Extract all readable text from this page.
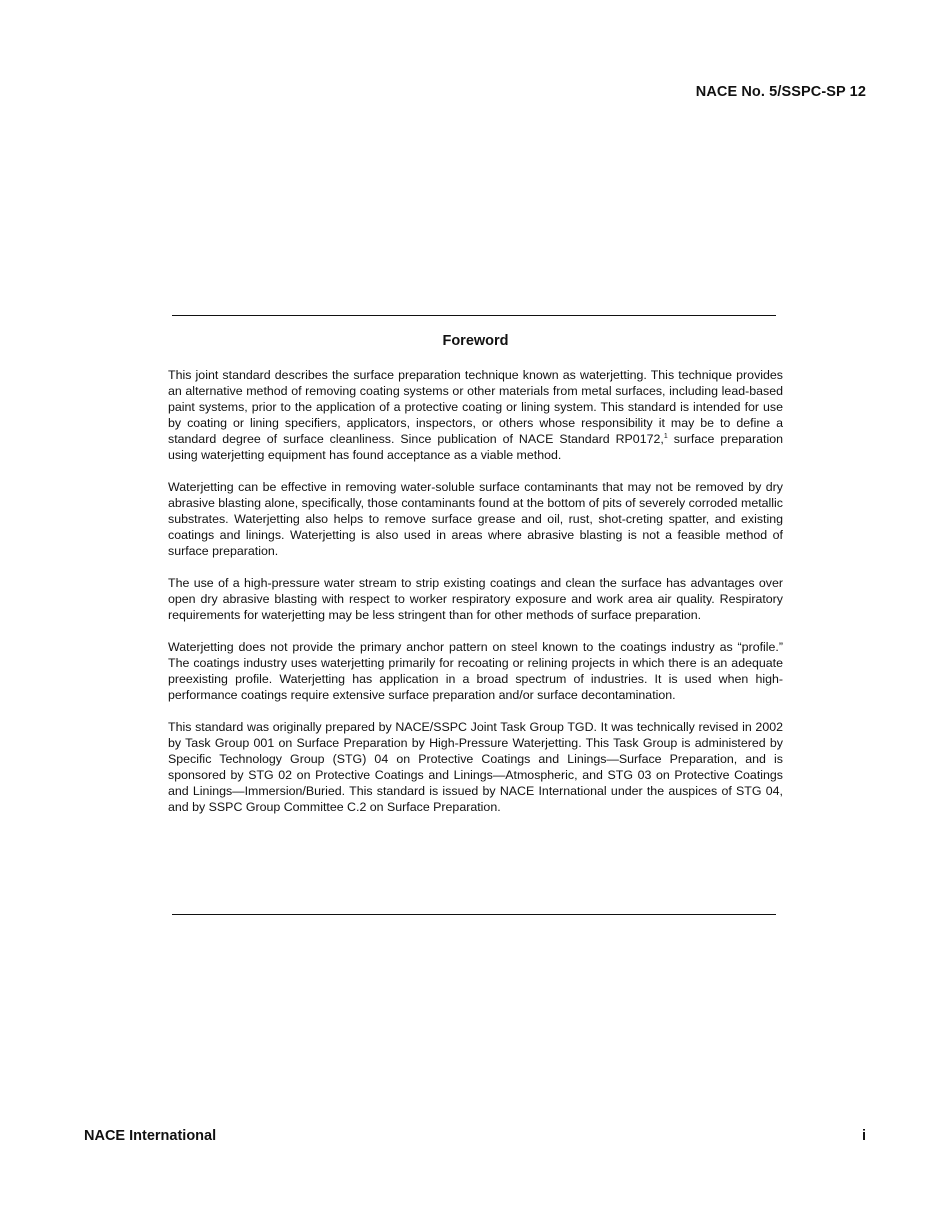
NACE No. 5/SSPC-SP 12
Foreword

This joint standard describes the surface preparation technique known as waterjetting. This technique provides an alternative method of removing coating systems or other materials from metal surfaces, including lead-based paint systems, prior to the application of a protective coating or lining system. This standard is intended for use by coating or lining specifiers, applicators, inspectors, or others whose responsibility it may be to define a standard degree of surface cleanliness. Since publication of NACE Standard RP0172,$^1$ surface preparation using waterjetting equipment has found acceptance as a viable method.

Waterjetting can be effective in removing water-soluble surface contaminants that may not be removed by dry abrasive blasting alone, specifically, those contaminants found at the bottom of pits of severely corroded metallic substrates. Waterjetting also helps to remove surface grease and oil, rust, shot-creting spatter, and existing coatings and linings. Waterjetting is also used in areas where abrasive blasting is not a feasible method of surface preparation.

The use of a high-pressure water stream to strip existing coatings and clean the surface has advantages over open dry abrasive blasting with respect to worker respiratory exposure and work area air quality. Respiratory requirements for waterjetting may be less stringent than for other methods of surface preparation.

Waterjetting does not provide the primary anchor pattern on steel known to the coatings industry as “profile.” The coatings industry uses waterjetting primarily for recoating or relining projects in which there is an adequate preexisting profile. Waterjetting has application in a broad spectrum of industries. It is used when high-performance coatings require extensive surface preparation and/or surface decontamination.

This standard was originally prepared by NACE/SSPC Joint Task Group TGD. It was technically revised in 2002 by Task Group 001 on Surface Preparation by High-Pressure Waterjetting. This Task Group is administered by Specific Technology Group (STG) 04 on Protective Coatings and Linings—Surface Preparation, and is sponsored by STG 02 on Protective Coatings and Linings—Atmospheric, and STG 03 on Protective Coatings and Linings—Immersion/Buried. This standard is issued by NACE International under the auspices of STG 04, and by SSPC Group Committee C.2 on Surface Preparation.

NACE International	i
